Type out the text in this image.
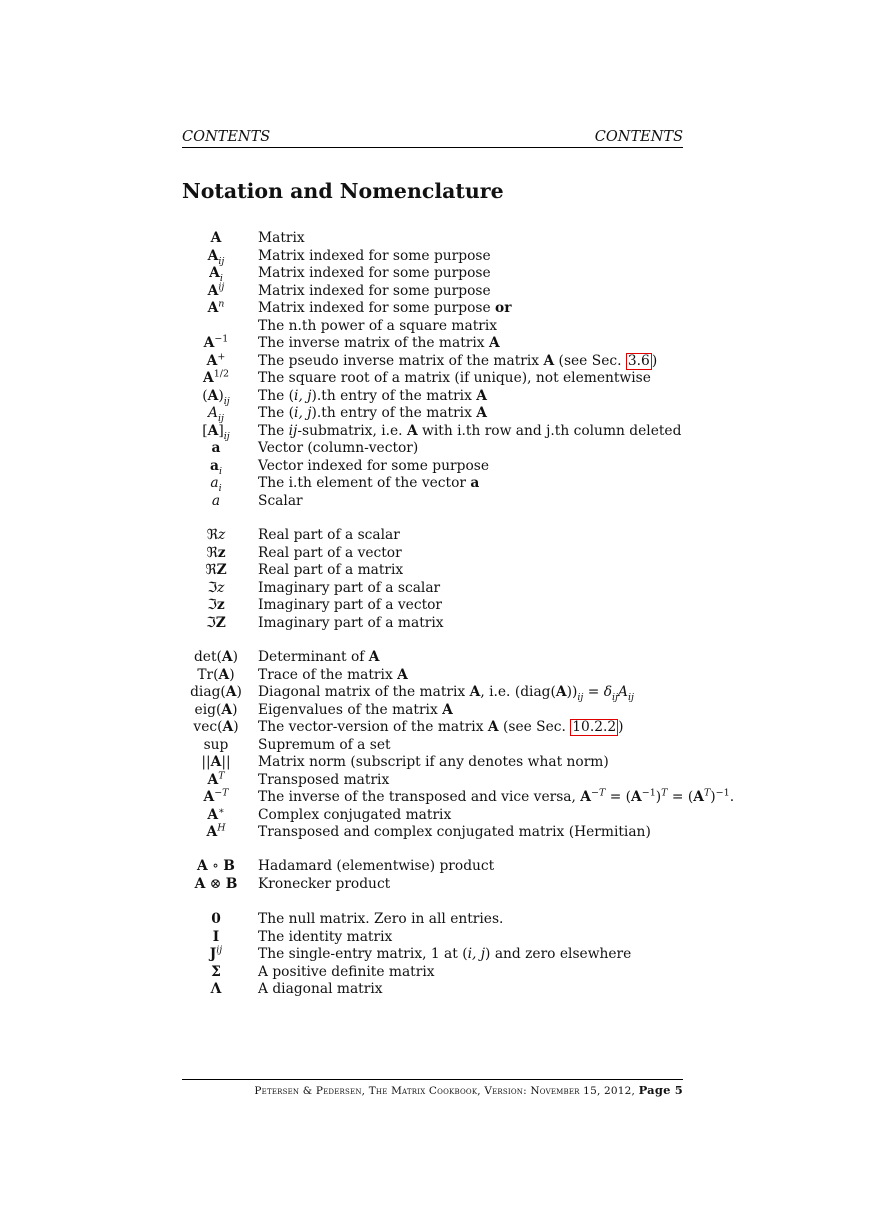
CONTENTS	CONTENTS
Notation and Nomenclature
A	Matrix
$A_{ij}$	Matrix indexed for some purpose
$A_i$	Matrix indexed for some purpose
$A^{ij}$	Matrix indexed for some purpose
$A^n$	Matrix indexed for some purpose or
The n.th power of a square matrix
$A^{-1}$	The inverse matrix of the matrix A
A+	The pseudo inverse matrix of the matrix A (see Sec. 3.6 )
$A^{1/2}$	The square root of a matrix (if unique), not elementwise
$(A)_{ij}$	The (i, j).th entry of the matrix A
$A_{ij}$	The (i, j).th entry of the matrix A
$[A]_{ij}$	The ij-submatrix, i.e. A with i.th row and j.th column deleted
a	Vector (column-vector)
$a_i$	Vector indexed for some purpose
$a_i$	The i.th element of the vector a
a	Scalar
ℜz	Real part of a scalar
ℜz	Real part of a vector
ℜZ	Real part of a matrix
ℑz	Imaginary part of a scalar
ℑz	Imaginary part of a vector
ℑZ	Imaginary part of a matrix
det(A)	Determinant of A
Tr(A)	Trace of the matrix A
diag(A)	Diagonal matrix of the matrix A, i.e. $(diag(A))_{ij} = \delta_{ij}A_{ij}$
eig(A)	Eigenvalues of the matrix A
vec(A)	The vector-version of the matrix A (see Sec. 10.2.2 )
sup	Supremum of a set
||A||	Matrix norm (subscript if any denotes what norm)
$A^T$	Transposed matrix
$A^{-T}$	The inverse of the transposed and vice versa, $A^{-T} = (A^{-1})^T = (A^T)^{-1}$.
A∗	Complex conjugated matrix
$A^H$	Transposed and complex conjugated matrix (Hermitian)
A ∘ B	Hadamard (elementwise) product
A ⊗ B	Kronecker product
0	The null matrix. Zero in all entries.
I	The identity matrix
$J^{ij}$	The single-entry matrix, 1 at (i, j) and zero elsewhere
Σ	A positive definite matrix
Λ	A diagonal matrix
Petersen & Pedersen, The Matrix Cookbook, Version: November 15, 2012, Page 5
